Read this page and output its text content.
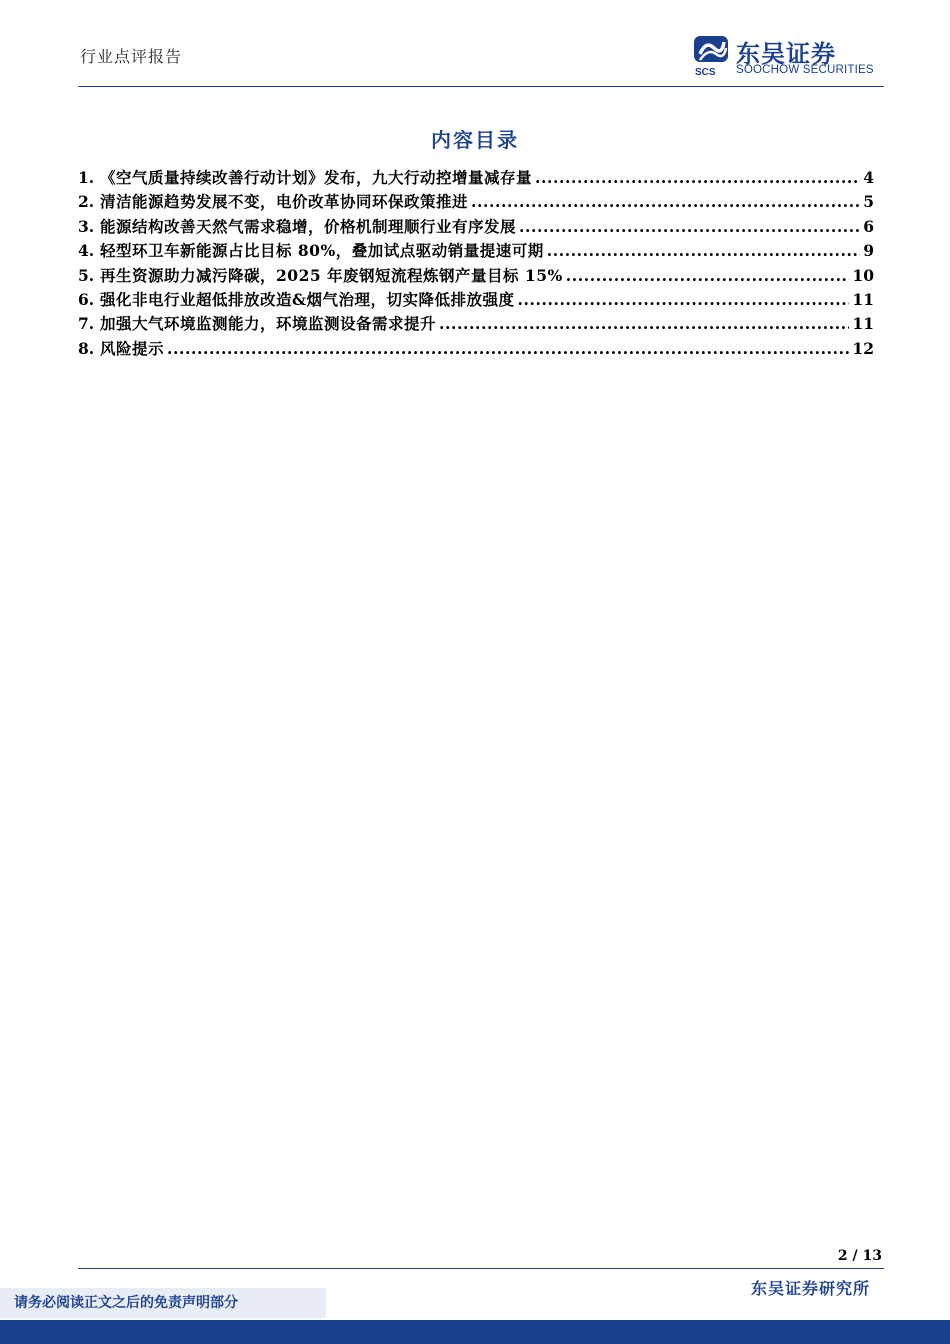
行业点评报告
SCS
东吴证券
SOOCHOW SECURITIES
内容目录
1. 《空气质量持续改善行动计划》发布，九大行动控增量减存量 .....	4
2. 清洁能源趋势发展不变，电价改革协同环保政策推进 .....	5
3. 能源结构改善天然气需求稳增，价格机制理顺行业有序发展 .....	6
4. 轻型环卫车新能源占比目标 80%，叠加试点驱动销量提速可期 .....	9
5. 再生资源助力减污降碳，2025 年废钢短流程炼钢产量目标 15% .....	10
6. 强化非电行业超低排放改造&烟气治理，切实降低排放强度 .....	11
7. 加强大气环境监测能力，环境监测设备需求提升 .....	11
8. 风险提示 .....	12
2 / 13
东吴证券研究所
请务必阅读正文之后的免责声明部分
